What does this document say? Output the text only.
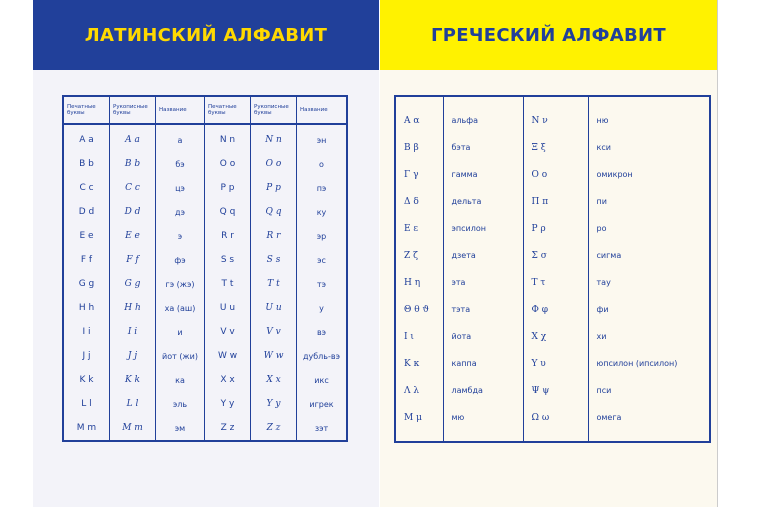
ЛАТИНСКИЙ АЛФАВИТ
Печатные буквы	Рукописные буквы	Название	Печатные буквы	Рукописные буквы	Название
A a	A a	а	N n	N n	эн
B b	B b	бэ	O o	O o	о
C c	C c	цэ	P p	P p	пэ
D d	D d	дэ	Q q	Q q	ку
E e	E e	э	R r	R r	эр
F f	F f	фэ	S s	S s	эс
G g	G g	гэ (жэ)	T t	T t	тэ
H h	H h	ха (аш)	U u	U u	у
I i	I i	и	V v	V v	вэ
J j	J j	йот (жи)	W w	W w	дубль-вэ
K k	K k	ка	X x	X x	икс
L l	L l	эль	Y y	Y y	игрек
M m	M m	эм	Z z	Z z	зэт
ГРЕЧЕСКИЙ АЛФАВИТ
Α α	альфа	Ν ν	ню
Β β	бэта	Ξ ξ	кси
Γ γ	гамма	Ο ο	омикрон
Δ δ	дельта	Π π	пи
Ε ε	эпсилон	Ρ ρ	ро
Ζ ζ	дзета	Σ σ	сигма
Η η	эта	Τ τ	тау
Θ θ ϑ	тэта	Φ φ	фи
Ι ι	йота	Χ χ	хи
Κ κ	каппа	Υ υ	юпсилон (ипсилон)
Λ λ	ламбда	Ψ ψ	пси
Μ μ	мю	Ω ω	омега
